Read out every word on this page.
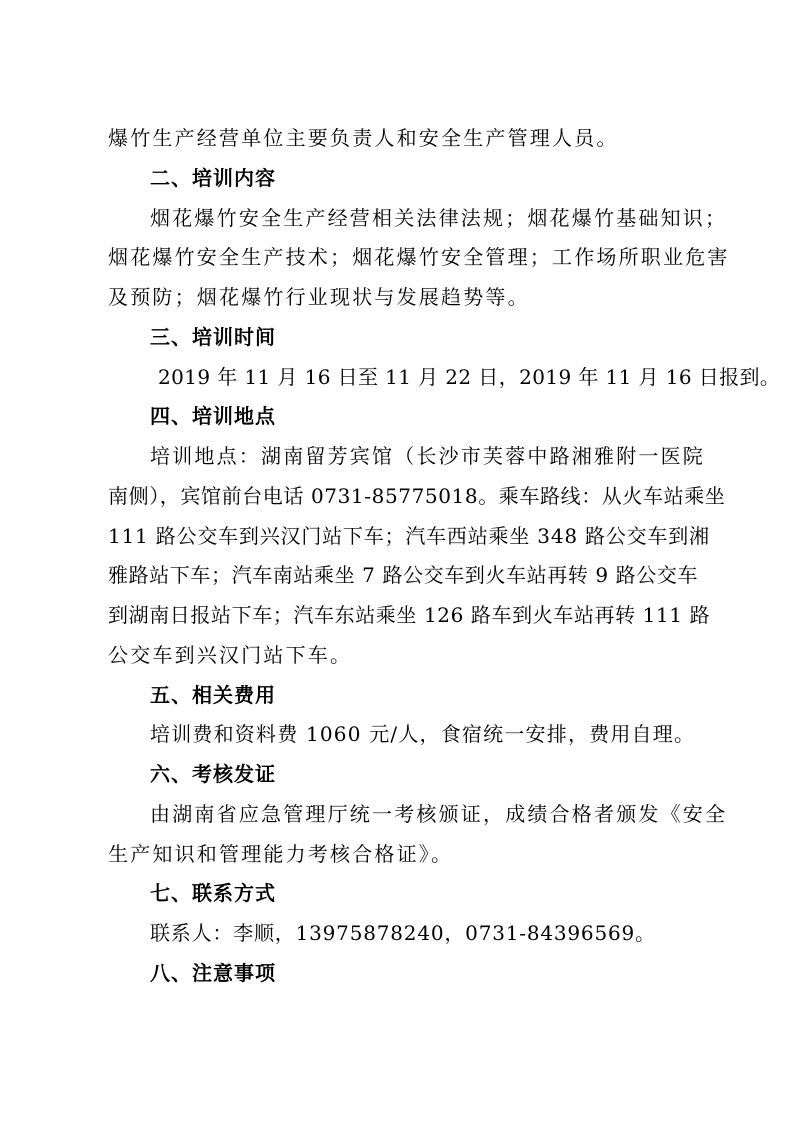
爆竹生产经营单位主要负责人和安全生产管理人员。
二、培训内容
烟花爆竹安全生产经营相关法律法规；烟花爆竹基础知识；
烟花爆竹安全生产技术；烟花爆竹安全管理；工作场所职业危害
及预防；烟花爆竹行业现状与发展趋势等。
三、培训时间
2019 年 11 月 16 日至 11 月 22 日，2019 年 11 月 16 日报到。
四、培训地点
培训地点：湖南留芳宾馆（长沙市芙蓉中路湘雅附一医院
南侧），宾馆前台电话 0731-85775018。乘车路线：从火车站乘坐
111 路公交车到兴汉门站下车；汽车西站乘坐 348 路公交车到湘
雅路站下车；汽车南站乘坐 7 路公交车到火车站再转 9 路公交车
到湖南日报站下车；汽车东站乘坐 126 路车到火车站再转 111 路
公交车到兴汉门站下车。
五、相关费用
培训费和资料费 1060 元/人，食宿统一安排，费用自理。
六、考核发证
由湖南省应急管理厅统一考核颁证，成绩合格者颁发《安全
生产知识和管理能力考核合格证》。
七、联系方式
联系人：李顺，13975878240，0731-84396569。
八、注意事项
